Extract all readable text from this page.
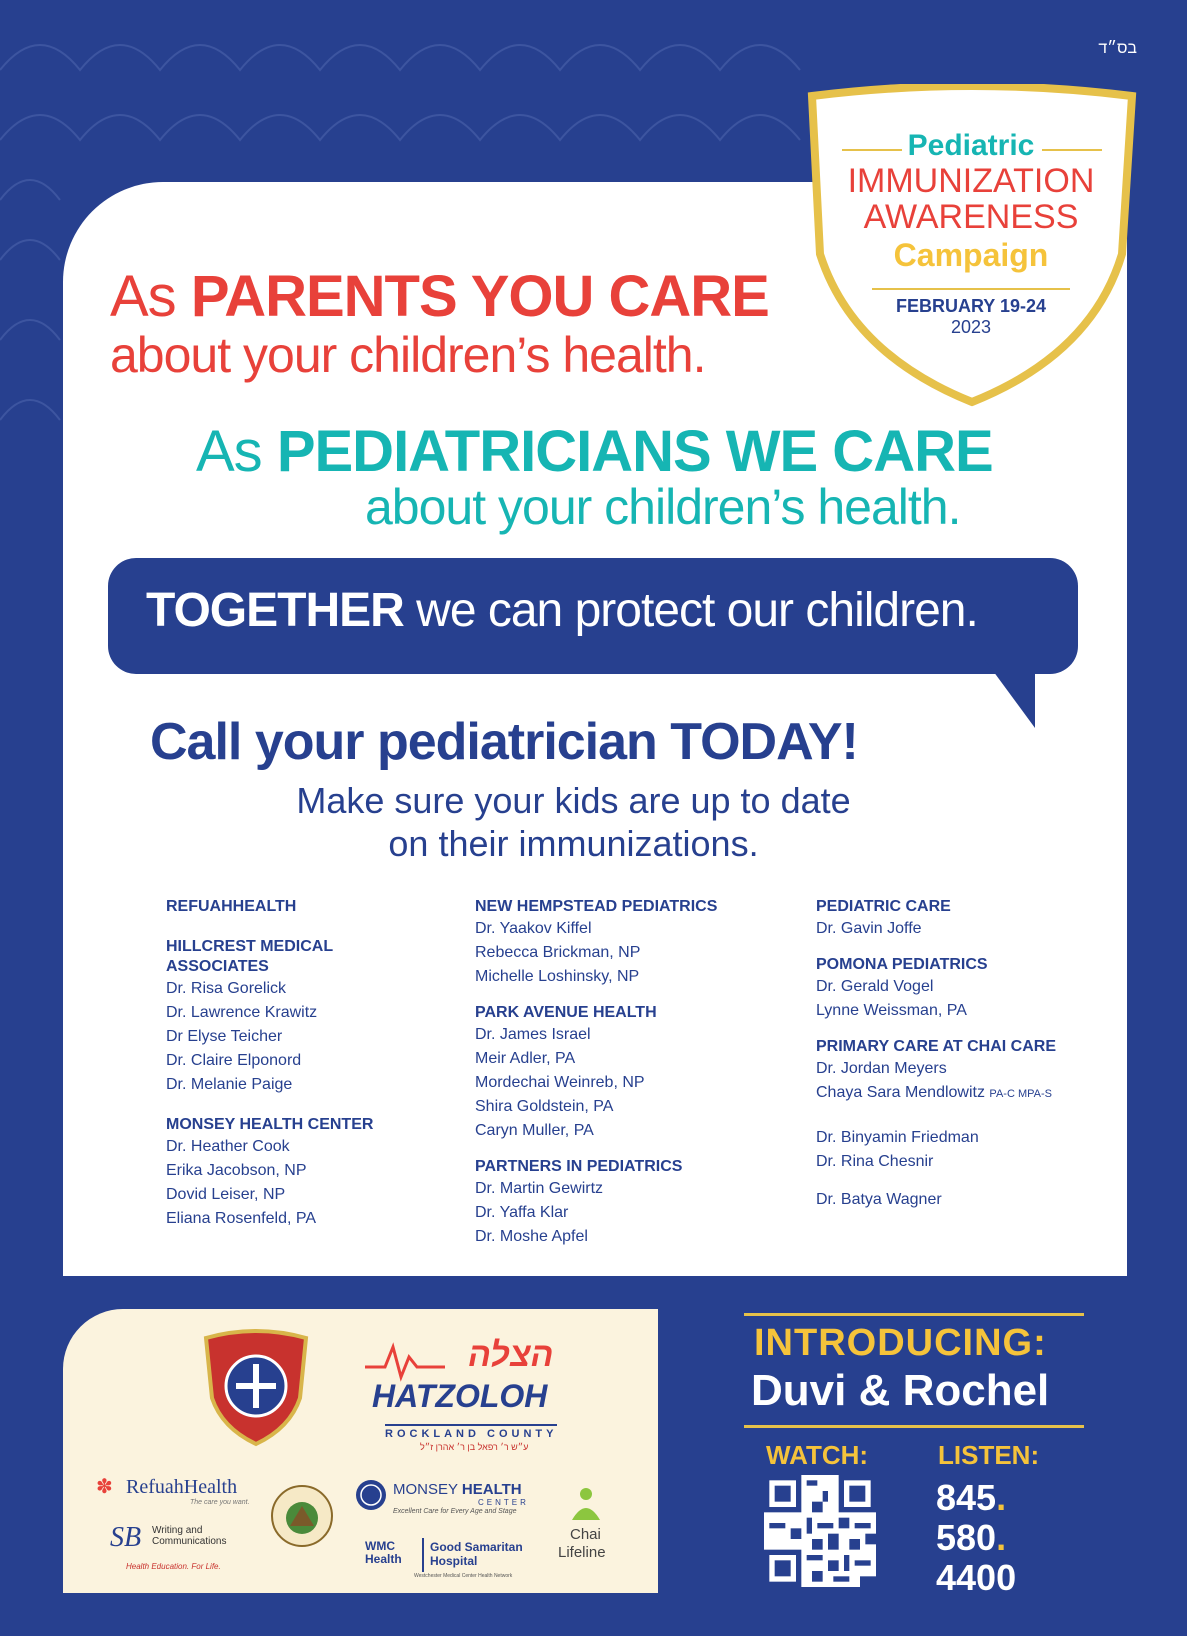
בס״ד
Pediatric
IMMUNIZATION
AWARENESS
Campaign
FEBRUARY 19-24
2023
As PARENTS YOU CARE
about your children’s health.
As PEDIATRICIANS WE CARE
about your children’s health.
TOGETHER we can protect our children.
Call your pediatrician TODAY!
Make sure your kids are up to date
on their immunizations.
REFUAHHEALTH
HILLCREST MEDICAL ASSOCIATES
Dr. Risa Gorelick
Dr. Lawrence Krawitz
Dr Elyse Teicher
Dr. Claire Elponord
Dr. Melanie Paige
MONSEY HEALTH CENTER
Dr. Heather Cook
Erika Jacobson, NP
Dovid Leiser, NP
Eliana Rosenfeld, PA
NEW HEMPSTEAD PEDIATRICS
Dr. Yaakov Kiffel
Rebecca Brickman, NP
Michelle Loshinsky, NP
PARK AVENUE HEALTH
Dr. James Israel
Meir Adler, PA
Mordechai Weinreb, NP
Shira Goldstein, PA
Caryn Muller, PA
PARTNERS IN PEDIATRICS
Dr. Martin Gewirtz
Dr. Yaffa Klar
Dr. Moshe Apfel
PEDIATRIC CARE
Dr. Gavin Joffe
POMONA PEDIATRICS
Dr. Gerald Vogel
Lynne Weissman, PA
PRIMARY CARE AT CHAI CARE
Dr. Jordan Meyers
Chaya Sara Mendlowitz PA-C MPA-S
Dr. Binyamin Friedman
Dr. Rina Chesnir
Dr. Batya Wagner
הצלה
HATZOLOH
ROCKLAND COUNTY
ע״ש ר׳ רפאל בן ר׳ אהרן ז״ל
✽ RefuahHealth
The care you want.
SB Writing and
Communications
Health Education. For Life.
MONSEY HEALTH
CENTER
Excellent Care for Every Age and Stage
WMC Health
Good Samaritan
Hospital
Westchester Medical Center Health Network
Chai
Lifeline
INTRODUCING:
Duvi & Rochel
WATCH:	LISTEN:
845.
580.
4400
